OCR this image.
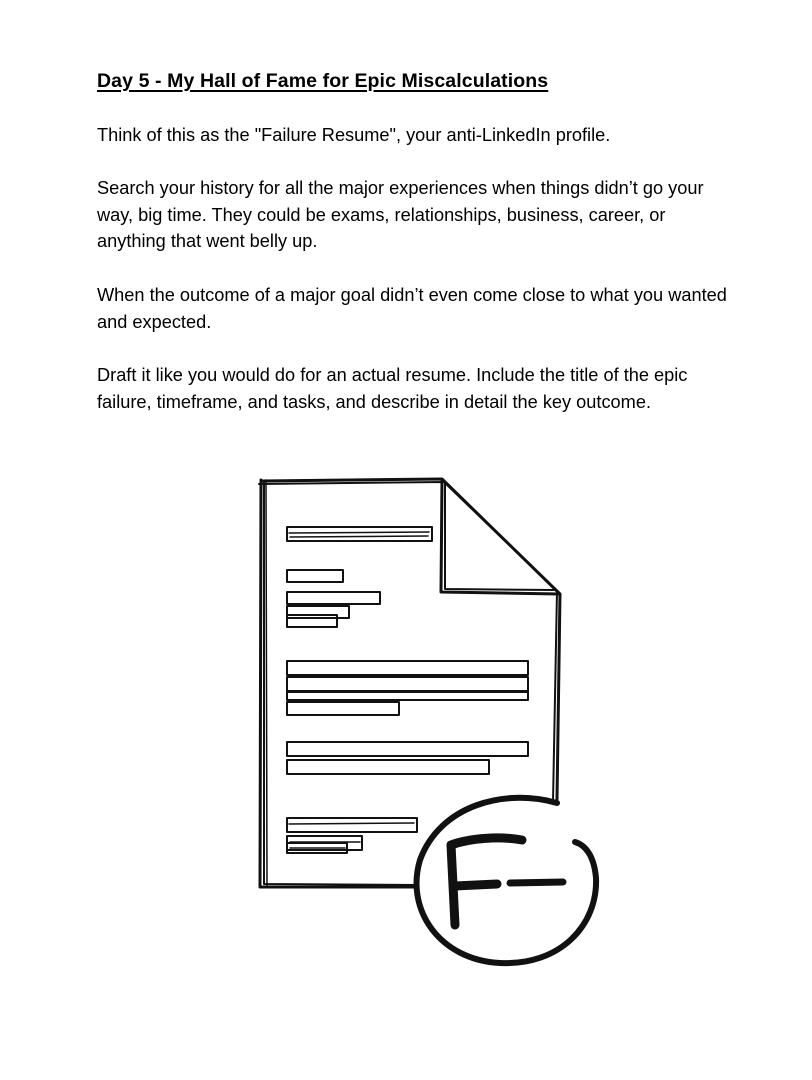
Day 5 - My Hall of Fame for Epic Miscalculations

Think of this as the "Failure Resume", your anti-LinkedIn profile.

Search your history for all the major experiences when things didn’t go your way, big time. They could be exams, relationships, business, career, or anything that went belly up.

When the outcome of a major goal didn’t even come close to what you wanted and expected.

Draft it like you would do for an actual resume. Include the title of the epic failure, timeframe, and tasks, and describe in detail the key outcome.
